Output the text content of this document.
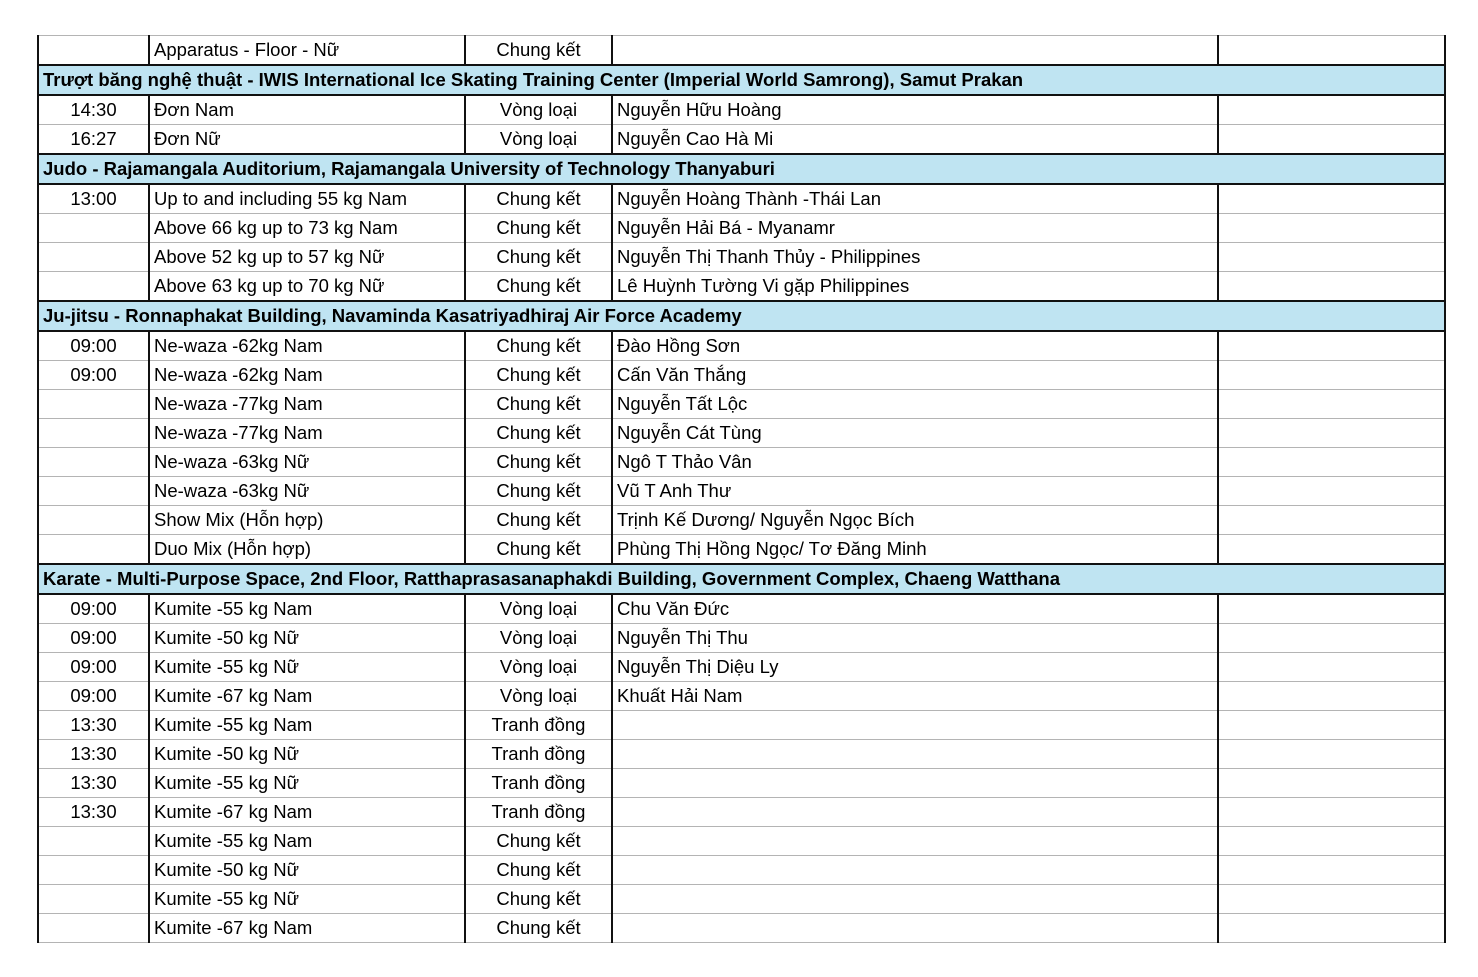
	Apparatus - Floor - Nữ	Chung kết		
Trượt băng nghệ thuật - IWIS International Ice Skating Training Center (Imperial World Samrong), Samut Prakan				
14:30	Đơn Nam	Vòng loại	Nguyễn Hữu Hoàng	
16:27	Đơn Nữ	Vòng loại	Nguyễn Cao Hà Mi	
Judo - Rajamangala Auditorium, Rajamangala University of Technology Thanyaburi				
13:00	Up to and including 55 kg Nam	Chung kết	Nguyễn Hoàng Thành -Thái Lan	
	Above 66 kg up to 73 kg Nam	Chung kết	Nguyễn Hải Bá - Myanamr	
	Above 52 kg up to 57 kg Nữ	Chung kết	Nguyễn Thị Thanh Thủy - Philippines	
	Above 63 kg up to 70 kg Nữ	Chung kết	Lê Huỳnh Tường Vi gặp Philippines	
Ju-jitsu - Ronnaphakat Building, Navaminda Kasatriyadhiraj Air Force Academy				
09:00	Ne-waza -62kg Nam	Chung kết	Đào Hồng Sơn	
09:00	Ne-waza -62kg Nam	Chung kết	Cấn Văn Thắng	
	Ne-waza -77kg Nam	Chung kết	Nguyễn Tất Lộc	
	Ne-waza -77kg Nam	Chung kết	Nguyễn Cát Tùng	
	Ne-waza -63kg Nữ	Chung kết	Ngô T Thảo Vân	
	Ne-waza -63kg Nữ	Chung kết	Vũ T Anh Thư	
	Show Mix (Hỗn hợp)	Chung kết	Trịnh Kế Dương/ Nguyễn Ngọc Bích	
	Duo Mix (Hỗn hợp)	Chung kết	Phùng Thị Hồng Ngọc/ Tơ Đăng Minh	
Karate - Multi-Purpose Space, 2nd Floor, Ratthaprasasanaphakdi Building, Government Complex, Chaeng Watthana				
09:00	Kumite -55 kg Nam	Vòng loại	Chu Văn Đức	
09:00	Kumite -50 kg Nữ	Vòng loại	Nguyễn Thị Thu	
09:00	Kumite -55 kg Nữ	Vòng loại	Nguyễn Thị Diệu Ly	
09:00	Kumite -67 kg Nam	Vòng loại	Khuất Hải Nam	
13:30	Kumite -55 kg Nam	Tranh đồng		
13:30	Kumite -50 kg Nữ	Tranh đồng		
13:30	Kumite -55 kg Nữ	Tranh đồng		
13:30	Kumite -67 kg Nam	Tranh đồng		
	Kumite -55 kg Nam	Chung kết		
	Kumite -50 kg Nữ	Chung kết		
	Kumite -55 kg Nữ	Chung kết		
	Kumite -67 kg Nam	Chung kết		
